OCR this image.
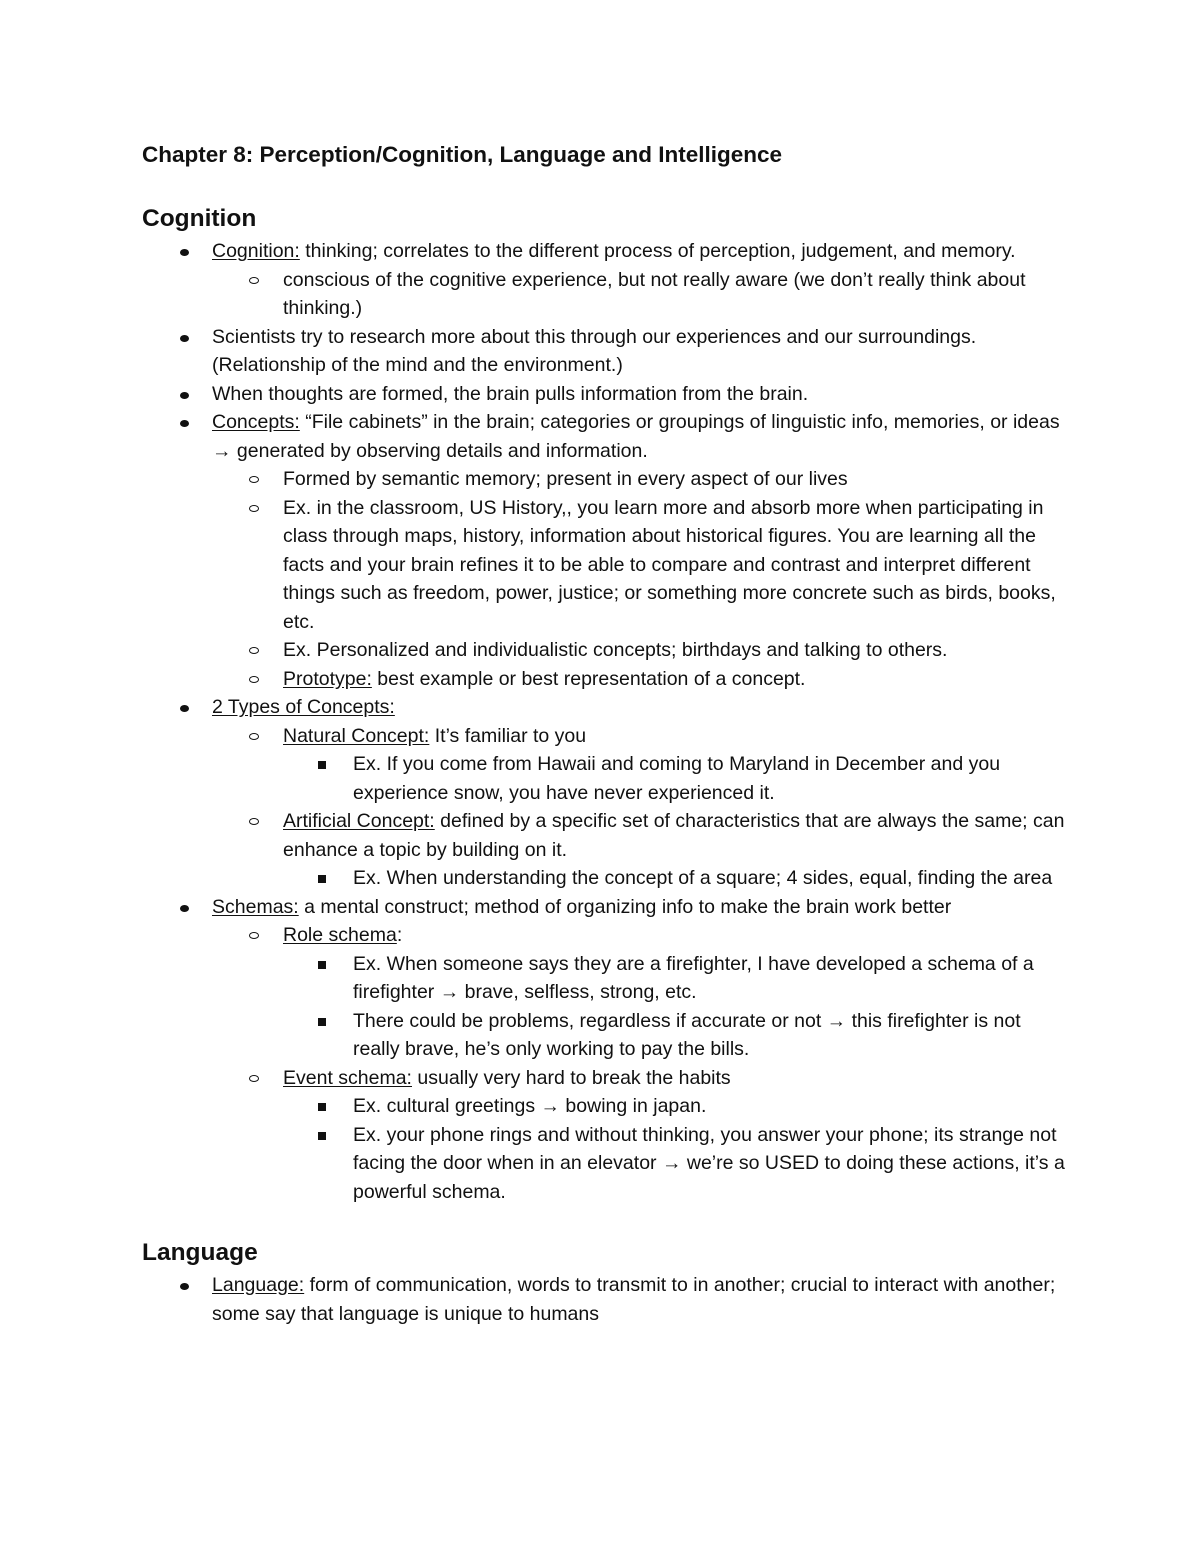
Chapter 8: Perception/Cognition, Language and Intelligence
Cognition
Cognition: thinking; correlates to the different process of perception, judgement, and memory.
conscious of the cognitive experience, but not really aware (we don’t really think about thinking.)
Scientists try to research more about this through our experiences and our surroundings. (Relationship of the mind and the environment.)
When thoughts are formed, the brain pulls information from the brain.
Concepts: “File cabinets” in the brain; categories or groupings of linguistic info, memories, or ideas → generated by observing details and information.
Formed by semantic memory; present in every aspect of our lives
Ex. in the classroom, US History,, you learn more and absorb more when participating in class through maps, history, information about historical figures. You are learning all the facts and your brain refines it to be able to compare and contrast and interpret different things such as freedom, power, justice; or something more concrete such as birds, books, etc.
Ex. Personalized and individualistic concepts; birthdays and talking to others.
Prototype: best example or best representation of a concept.
2 Types of Concepts:
Natural Concept: It’s familiar to you
Ex. If you come from Hawaii and coming to Maryland in December and you experience snow, you have never experienced it.
Artificial Concept: defined by a specific set of characteristics that are always the same; can enhance a topic by building on it.
Ex. When understanding the concept of a square; 4 sides, equal, finding the area
Schemas: a mental construct; method of organizing info to make the brain work better
Role schema:
Ex. When someone says they are a firefighter, I have developed a schema of a firefighter → brave, selfless, strong, etc.
There could be problems, regardless if accurate or not → this firefighter is not really brave, he’s only working to pay the bills.
Event schema: usually very hard to break the habits
Ex. cultural greetings → bowing in japan.
Ex. your phone rings and without thinking, you answer your phone; its strange not facing the door when in an elevator → we’re so USED to doing these actions, it’s a powerful schema.
Language
Language: form of communication, words to transmit to in another; crucial to interact with another; some say that language is unique to humans
